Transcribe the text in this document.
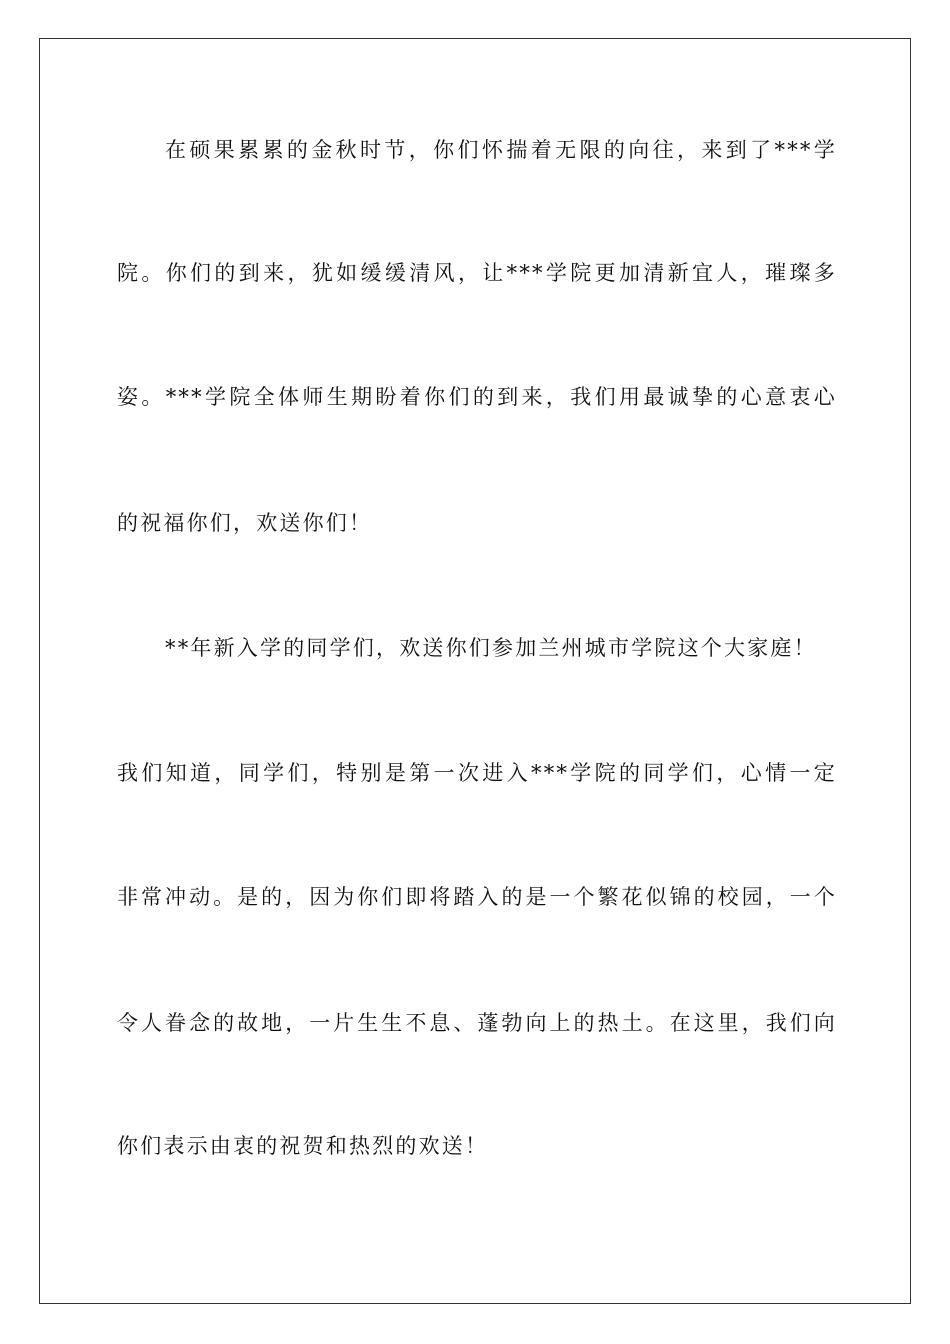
在硕果累累的金秋时节，你们怀揣着无限的向往，来到了***学
院。你们的到来，犹如缓缓清风，让***学院更加清新宜人，璀璨多
姿。***学院全体师生期盼着你们的到来，我们用最诚挚的心意衷心
的祝福你们，欢送你们！
**年新入学的同学们，欢送你们参加兰州城市学院这个大家庭！
我们知道，同学们，特别是第一次进入***学院的同学们，心情一定
非常冲动。是的，因为你们即将踏入的是一个繁花似锦的校园，一个
令人眷念的故地，一片生生不息、蓬勃向上的热土。在这里，我们向
你们表示由衷的祝贺和热烈的欢送！
